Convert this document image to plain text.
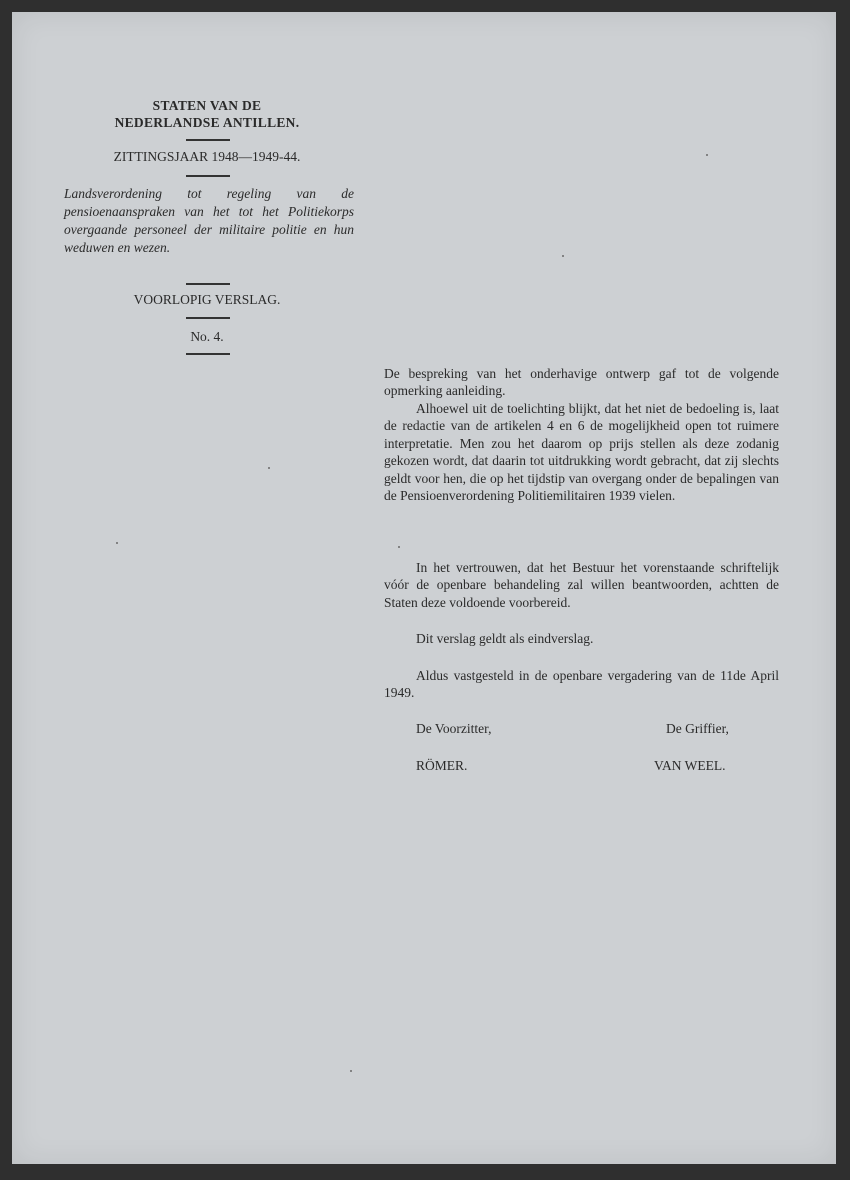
STATEN VAN DE
NEDERLANDSE ANTILLEN.
ZITTINGSJAAR 1948—1949-44.
Landsverordening tot regeling van de pensioenaanspraken van het tot het Politiekorps overgaande personeel der militaire politie en hun weduwen en wezen.
VOORLOPIG VERSLAG.
No. 4.
De bespreking van het onderhavige ontwerp gaf tot de volgende opmerking aanleiding.
Alhoewel uit de toelichting blijkt, dat het niet de bedoeling is, laat de redactie van de artikelen 4 en 6 de mogelijkheid open tot ruimere interpretatie. Men zou het daarom op prijs stellen als deze zodanig gekozen wordt, dat daarin tot uitdrukking wordt gebracht, dat zij slechts geldt voor hen, die op het tijdstip van overgang onder de bepalingen van de Pensioenverordening Politiemilitairen 1939 vielen.
In het vertrouwen, dat het Bestuur het vorenstaande schriftelijk vóór de openbare behandeling zal willen beantwoorden, achtten de Staten deze voldoende voorbereid.
Dit verslag geldt als eindverslag.
Aldus vastgesteld in de openbare vergadering van de 11de April 1949.
De Voorzitter,	De Griffier,
RÖMER.	VAN WEEL.
